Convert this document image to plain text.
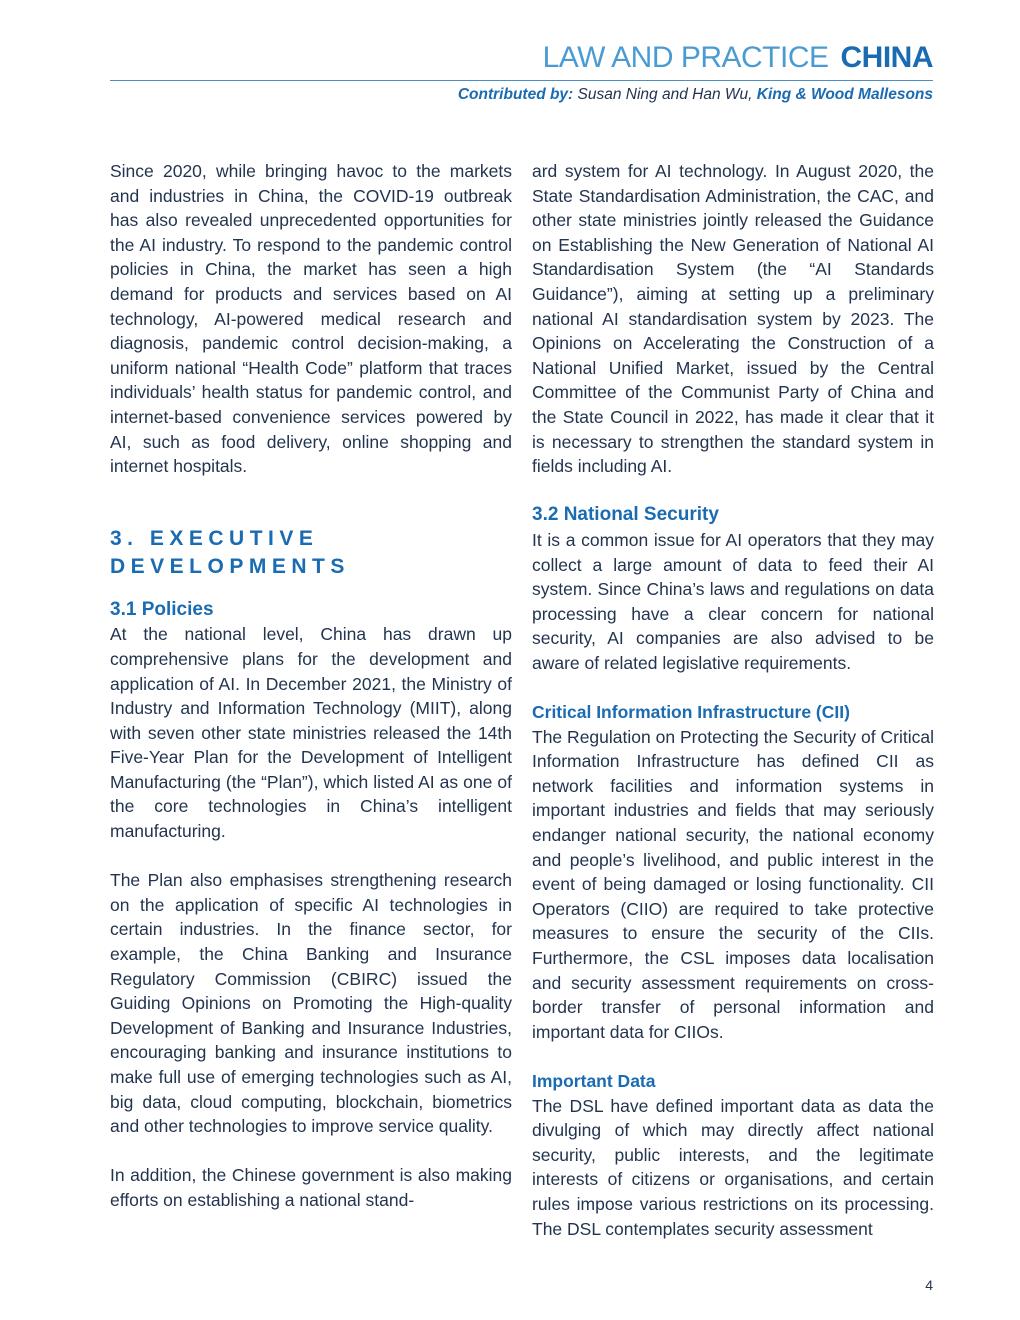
LAW AND PRACTICE CHINA
Contributed by: Susan Ning and Han Wu, King & Wood Mallesons

Since 2020, while bringing havoc to the markets and industries in China, the COVID-19 outbreak has also revealed unprecedented opportunities for the AI industry. To respond to the pandemic control policies in China, the market has seen a high demand for products and services based on AI technology, AI-powered medical research and diagnosis, pandemic control decision-making, a uniform national “Health Code” platform that traces individuals’ health status for pandemic control, and internet-based convenience services powered by AI, such as food delivery, online shopping and internet hospitals.

3. EXECUTIVE
DEVELOPMENTS
3.1 Policies

At the national level, China has drawn up comprehensive plans for the development and application of AI. In December 2021, the Ministry of Industry and Information Technology (MIIT), along with seven other state ministries released the 14th Five-Year Plan for the Development of Intelligent Manufacturing (the “Plan”), which listed AI as one of the core technologies in China’s intelligent manufacturing.

The Plan also emphasises strengthening research on the application of specific AI technologies in certain industries. In the finance sector, for example, the China Banking and Insurance Regulatory Commission (CBIRC) issued the Guiding Opinions on Promoting the High-quality Development of Banking and Insurance Industries, encouraging banking and insurance institutions to make full use of emerging technologies such as AI, big data, cloud computing, blockchain, biometrics and other technologies to improve service quality.

In addition, the Chinese government is also making efforts on establishing a national stand-

ard system for AI technology. In August 2020, the State Standardisation Administration, the CAC, and other state ministries jointly released the Guidance on Establishing the New Generation of National AI Standardisation System (the “AI Standards Guidance”), aiming at setting up a preliminary national AI standardisation system by 2023. The Opinions on Accelerating the Construction of a National Unified Market, issued by the Central Committee of the Communist Party of China and the State Council in 2022, has made it clear that it is necessary to strengthen the standard system in fields including AI.

3.2 National Security

It is a common issue for AI operators that they may collect a large amount of data to feed their AI system. Since China’s laws and regulations on data processing have a clear concern for national security, AI companies are also advised to be aware of related legislative requirements.

Critical Information Infrastructure (CII)

The Regulation on Protecting the Security of Critical Information Infrastructure has defined CII as network facilities and information systems in important industries and fields that may seriously endanger national security, the national economy and people’s livelihood, and public interest in the event of being damaged or losing functionality. CII Operators (CIIO) are required to take protective measures to ensure the security of the CIIs. Furthermore, the CSL imposes data localisation and security assessment requirements on cross-border transfer of personal information and important data for CIIOs.

Important Data

The DSL have defined important data as data the divulging of which may directly affect national security, public interests, and the legitimate interests of citizens or organisations, and certain rules impose various restrictions on its processing. The DSL contemplates security assessment

4
